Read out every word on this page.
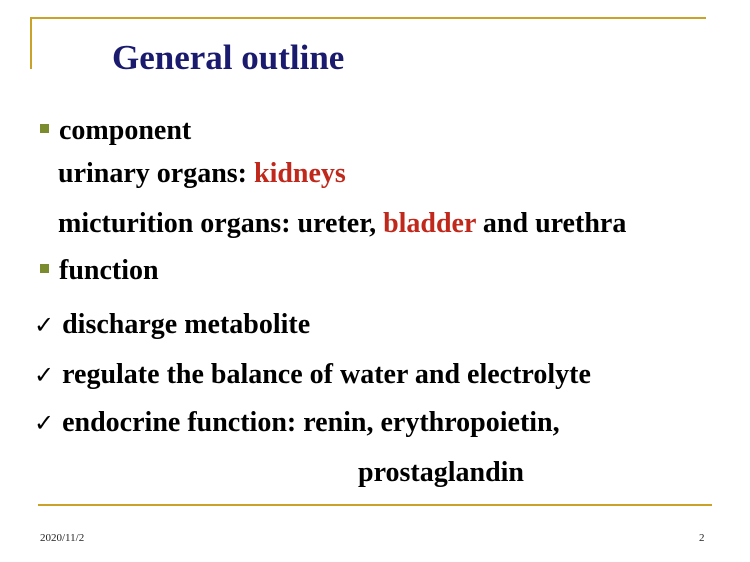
General outline
component
urinary organs: kidneys
micturition organs: ureter, bladder and urethra
function
✓ discharge metabolite
✓ regulate the balance of water and electrolyte
✓ endocrine function: renin, erythropoietin,
prostaglandin
2020/11/2	2
